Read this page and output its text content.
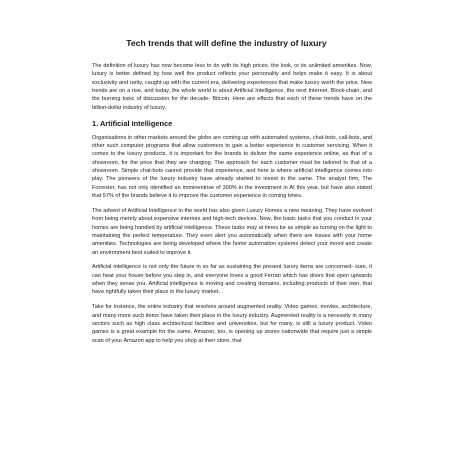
Tech trends that will define the industry of luxury

The definition of luxury has now become less to do with its high prices, the look, or its unlimited amenities. Now, luxury is better defined by how well the product reflects your personality and helps make it easy. It is about exclusivity and rarity, caught up with the current era, delivering experiences that make luxury worth the price. New trends are on a rise, and today, the whole world is about Artificial Intelligence, the next Internet, Block-chain, and the burning topic of discussion for the decade- Bitcoin. Here are effects that each of these trends have on the billion-dollar industry of luxury.

1. Artificial Intelligence

Organisations in other markets around the globe are coming up with automated systems, chat-bots, call-bots, and other such computer programs that allow customers to gain a better experience in customer servicing. When it comes to the luxury products, it is important for the brands to deliver the same experience online, as that of a showroom, for the price that they are charging. The approach for each customer must be tailored to that of a showroom. Simple chat-bots cannot provide that experience, and here is where artificial intelligence comes into play. The pioneers of the luxury industry have already started to invest in the same. The analyst firm, The Forrester, has not only identified an imminentrise of 300% in the investment in AI this year, but have also stated that 57% of the brands believe it to improve the customer experience in coming times.

The advent of Artificial Intelligence in the world has also given Luxury Homes a new meaning. They have evolved from being merely about expensive interiors and high-tech devices. Now, the basic tasks that you conduct in your homes are being handled by artificial intelligence. These tasks may at times be as simple as turning on the light to maintaining the perfect temperature. They even alert you automatically when there are issues with your home amenities. Technologies are being developed where the home automation systems detect your mood and create an environment best suited to improve it.

Artificial intelligence is not only the future in so far as sustaining the present luxury items are concerned- sure, it can heat your house before you step in, and everyone loves a good Ferrari which has doors that open upwards when they sense you. Artificial intelligence is moving and creating domains, including products of their own, that have rightfully taken their place in the luxury market.

Take for instance, the entire industry that revolves around augmented reality. Video games, movies, architecture, and many more such items have taken their place in the luxury industry. Augmented reality is a necessity in many sectors such as high class architectural facilities and universities, but for many, is still a luxury product. Video games is a great example for the same. Amazon, too, is opening up stores nationwide that require just a simple scan of your Amazon app to help you shop at their store, that
